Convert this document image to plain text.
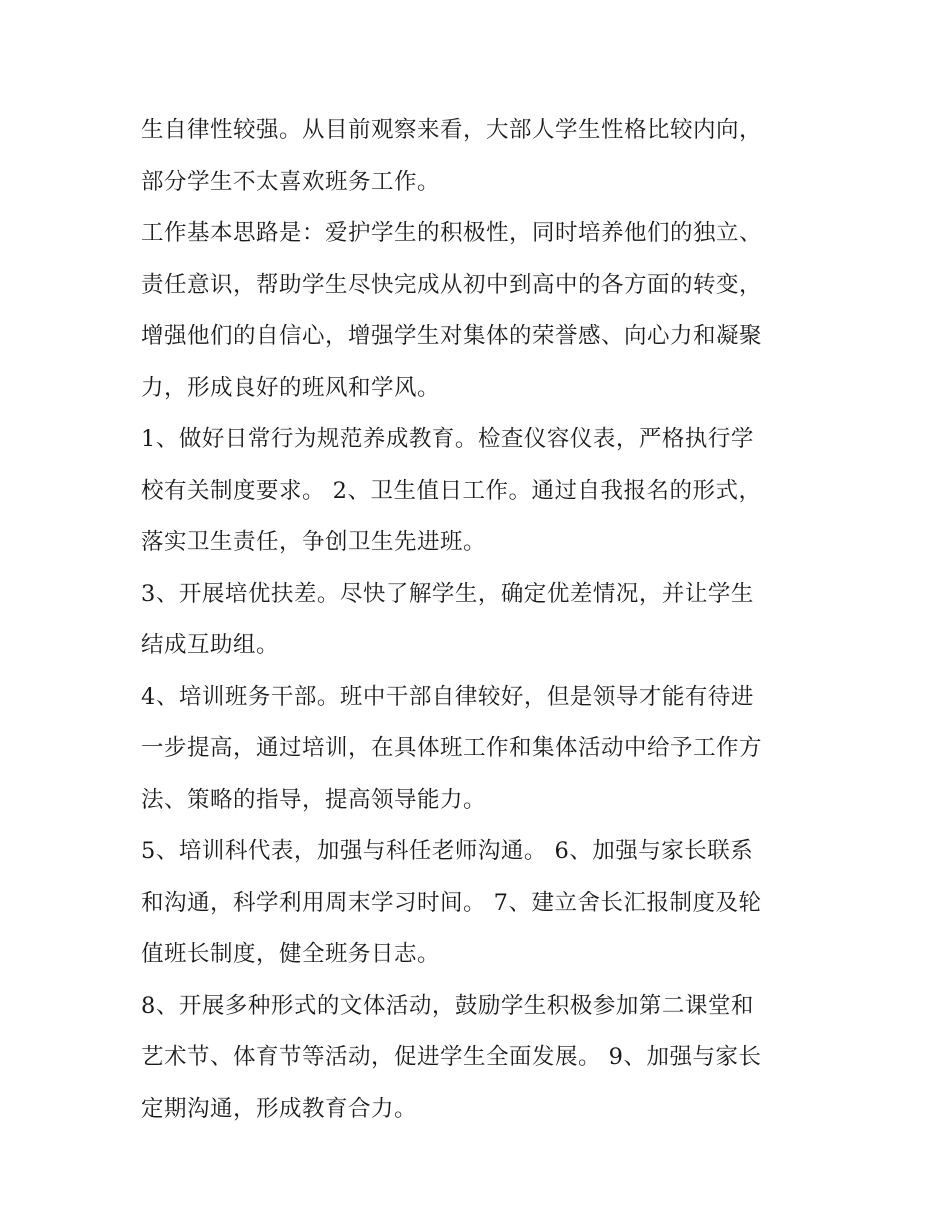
生自律性较强。从目前观察来看，大部人学生性格比较内向，
部分学生不太喜欢班务工作。
工作基本思路是：爱护学生的积极性，同时培养他们的独立、
责任意识，帮助学生尽快完成从初中到高中的各方面的转变，
增强他们的自信心，增强学生对集体的荣誉感、向心力和凝聚
力，形成良好的班风和学风。
1、做好日常行为规范养成教育。检查仪容仪表，严格执行学
校有关制度要求。 2、卫生值日工作。通过自我报名的形式，
落实卫生责任，争创卫生先进班。
3、开展培优扶差。尽快了解学生，确定优差情况，并让学生
结成互助组。
4、培训班务干部。班中干部自律较好，但是领导才能有待进
一步提高，通过培训，在具体班工作和集体活动中给予工作方
法、策略的指导，提高领导能力。
5、培训科代表，加强与科任老师沟通。 6、加强与家长联系
和沟通，科学利用周末学习时间。 7、建立舍长汇报制度及轮
值班长制度，健全班务日志。
8、开展多种形式的文体活动，鼓励学生积极参加第二课堂和
艺术节、体育节等活动，促进学生全面发展。 9、加强与家长
定期沟通，形成教育合力。
